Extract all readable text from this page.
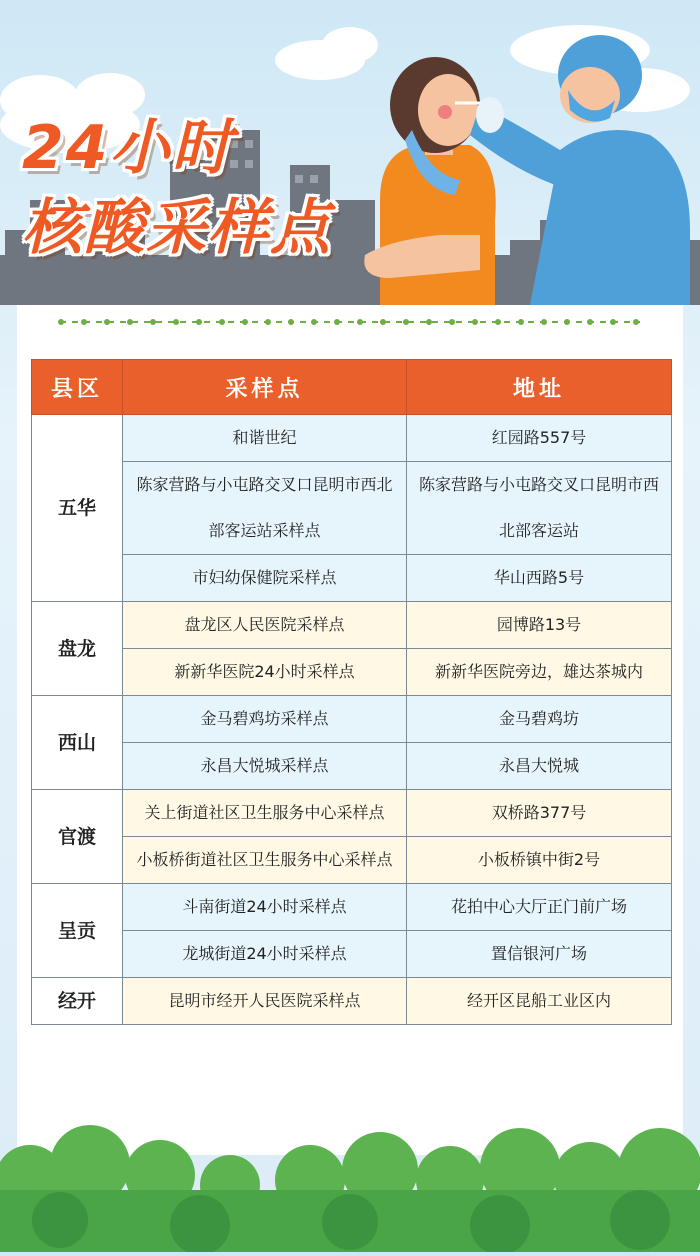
24小时
核酸采样点
县区	采样点	地址
五华	和谐世纪	红园路557号
	陈家营路与小屯路交叉口昆明市西北部客运站采样点	陈家营路与小屯路交叉口昆明市西北部客运站
	市妇幼保健院采样点	华山西路5号
盘龙	盘龙区人民医院采样点	园博路13号
	新新华医院24小时采样点	新新华医院旁边，雄达茶城内
西山	金马碧鸡坊采样点	金马碧鸡坊
	永昌大悦城采样点	永昌大悦城
官渡	关上街道社区卫生服务中心采样点	双桥路377号
	小板桥街道社区卫生服务中心采样点	小板桥镇中街2号
呈贡	斗南街道24小时采样点	花拍中心大厅正门前广场
	龙城街道24小时采样点	置信银河广场
经开	昆明市经开人民医院采样点	经开区昆船工业区内
